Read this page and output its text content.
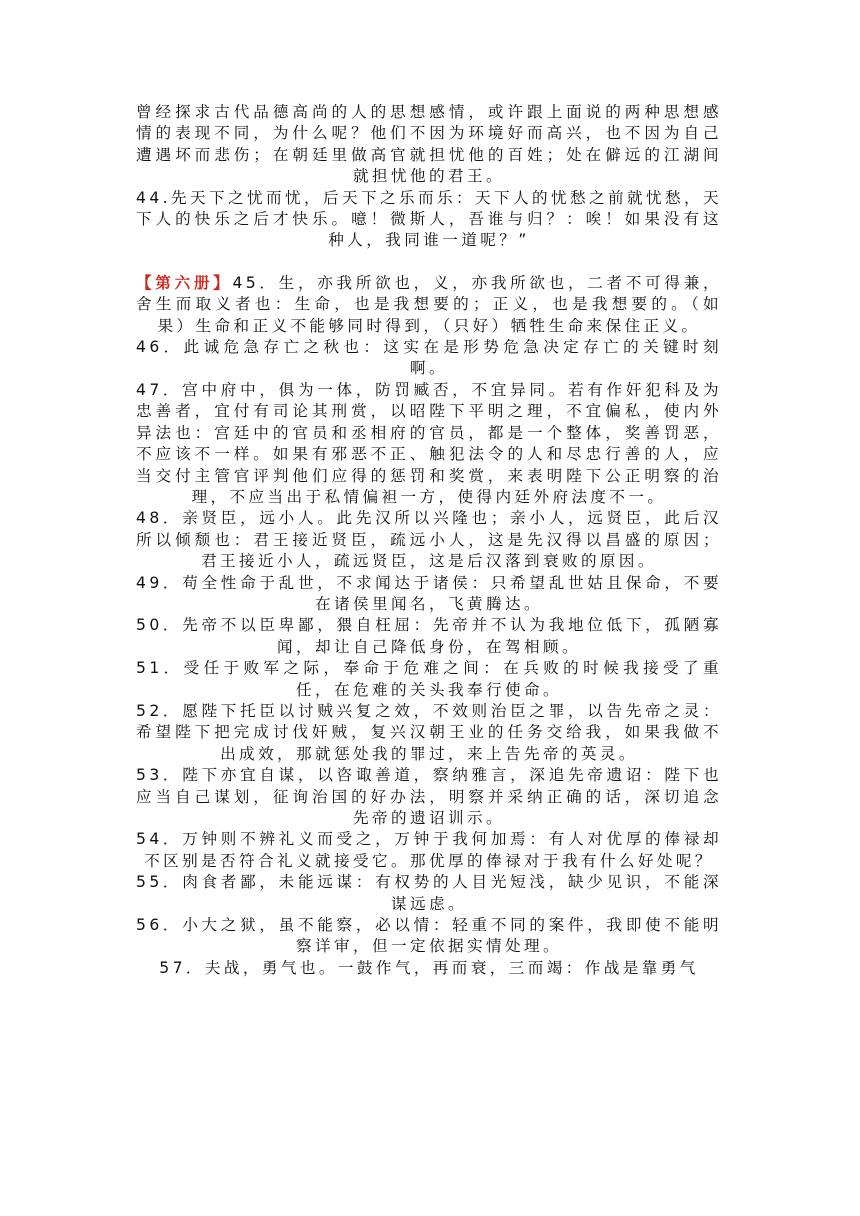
曾经探求古代品德高尚的人的思想感情，或许跟上面说的两种思想感情的表现不同，为什么呢？他们不因为环境好而高兴，也不因为自己遭遇坏而悲伤；在朝廷里做高官就担忧他的百姓；处在僻远的江湖间就担忧他的君王。

44.先天下之忧而忧，后天下之乐而乐：天下人的忧愁之前就忧愁，天下人的快乐之后才快乐。噫！微斯人，吾谁与归？：唉！如果没有这种人，我同谁一道呢？”

【第六册】45．生，亦我所欲也，义，亦我所欲也，二者不可得兼，舍生而取义者也：生命，也是我想要的；正义，也是我想要的。（如果）生命和正义不能够同时得到，（只好）牺牲生命来保住正义。

46．此诚危急存亡之秋也：这实在是形势危急决定存亡的关键时刻啊。

47．宫中府中，俱为一体，防罚臧否，不宜异同。若有作奸犯科及为忠善者，宜付有司论其刑赏，以昭陛下平明之理，不宜偏私，使内外异法也：宫廷中的官员和丞相府的官员，都是一个整体，奖善罚恶，不应该不一样。如果有邪恶不正、触犯法令的人和尽忠行善的人，应当交付主管官评判他们应得的惩罚和奖赏，来表明陛下公正明察的治理，不应当出于私情偏袒一方，使得内廷外府法度不一。

48．亲贤臣，远小人。此先汉所以兴隆也；亲小人，远贤臣，此后汉所以倾颓也：君王接近贤臣，疏远小人，这是先汉得以昌盛的原因；君王接近小人，疏远贤臣，这是后汉落到衰败的原因。

49．苟全性命于乱世，不求闻达于诸侯：只希望乱世姑且保命，不要在诸侯里闻名，飞黄腾达。

50．先帝不以臣卑鄙，猥自枉屈：先帝并不认为我地位低下，孤陋寡闻，却让自己降低身份，在驾相顾。

51．受任于败军之际，奉命于危难之间：在兵败的时候我接受了重任，在危难的关头我奉行使命。

52．愿陛下托臣以讨贼兴复之效，不效则治臣之罪，以告先帝之灵：希望陛下把完成讨伐奸贼，复兴汉朝王业的任务交给我，如果我做不出成效，那就惩处我的罪过，来上告先帝的英灵。

53．陛下亦宜自谋，以咨诹善道，察纳雅言，深追先帝遗诏：陛下也应当自己谋划，征询治国的好办法，明察并采纳正确的话，深切追念先帝的遗诏训示。

54．万钟则不辨礼义而受之，万钟于我何加焉：有人对优厚的俸禄却不区别是否符合礼义就接受它。那优厚的俸禄对于我有什么好处呢？

55．肉食者鄙，未能远谋：有权势的人目光短浅，缺少见识，不能深谋远虑。

56．小大之狱，虽不能察，必以情：轻重不同的案件，我即使不能明察详审，但一定依据实情处理。

57．夫战，勇气也。一鼓作气，再而衰，三而竭：作战是靠勇气
